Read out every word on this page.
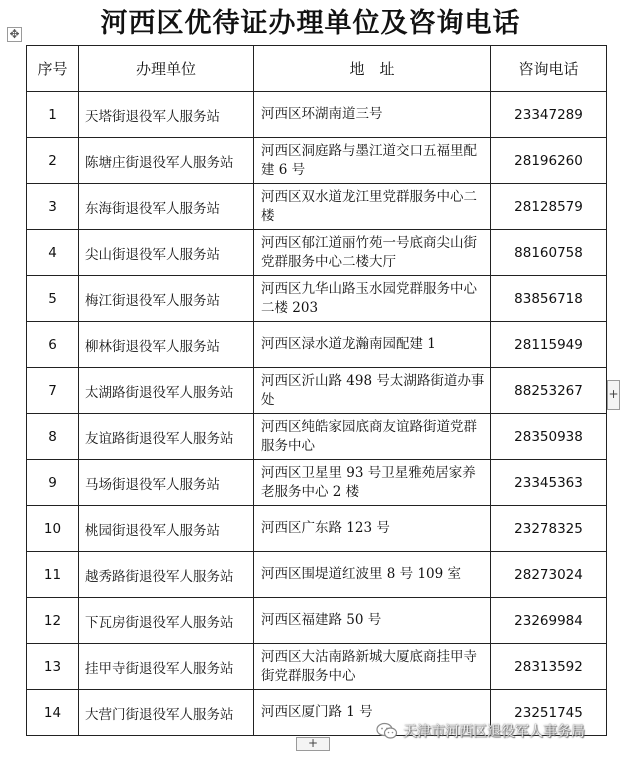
河西区优待证办理单位及咨询电话
✥
序号	办理单位	地　址	咨询电话
1	天塔街退役军人服务站	河西区环湖南道三号	23347289
2	陈塘庄街退役军人服务站	河西区洞庭路与墨江道交口五福里配建 6 号	28196260
3	东海街退役军人服务站	河西区双水道龙江里党群服务中心二楼	28128579
4	尖山街退役军人服务站	河西区郁江道丽竹苑一号底商尖山街党群服务中心二楼大厅	88160758
5	梅江街退役军人服务站	河西区九华山路玉水园党群服务中心二楼 203	83856718
6	柳林街退役军人服务站	河西区渌水道龙瀚南园配建 1	28115949
7	太湖路街退役军人服务站	河西区沂山路 498 号太湖路街道办事处	88253267
8	友谊路街退役军人服务站	河西区纯皓家园底商友谊路街道党群服务中心	28350938
9	马场街退役军人服务站	河西区卫星里 93 号卫星雅苑居家养老服务中心 2 楼	23345363
10	桃园街退役军人服务站	河西区广东路 123 号	23278325
11	越秀路街退役军人服务站	河西区围堤道红波里 8 号 109 室	28273024
12	下瓦房街退役军人服务站	河西区福建路 50 号	23269984
13	挂甲寺街退役军人服务站	河西区大沽南路新城大厦底商挂甲寺街党群服务中心	28313592
14	大营门街退役军人服务站	河西区厦门路 1 号	23251745
+
+
天津市河西区退役军人事务局
